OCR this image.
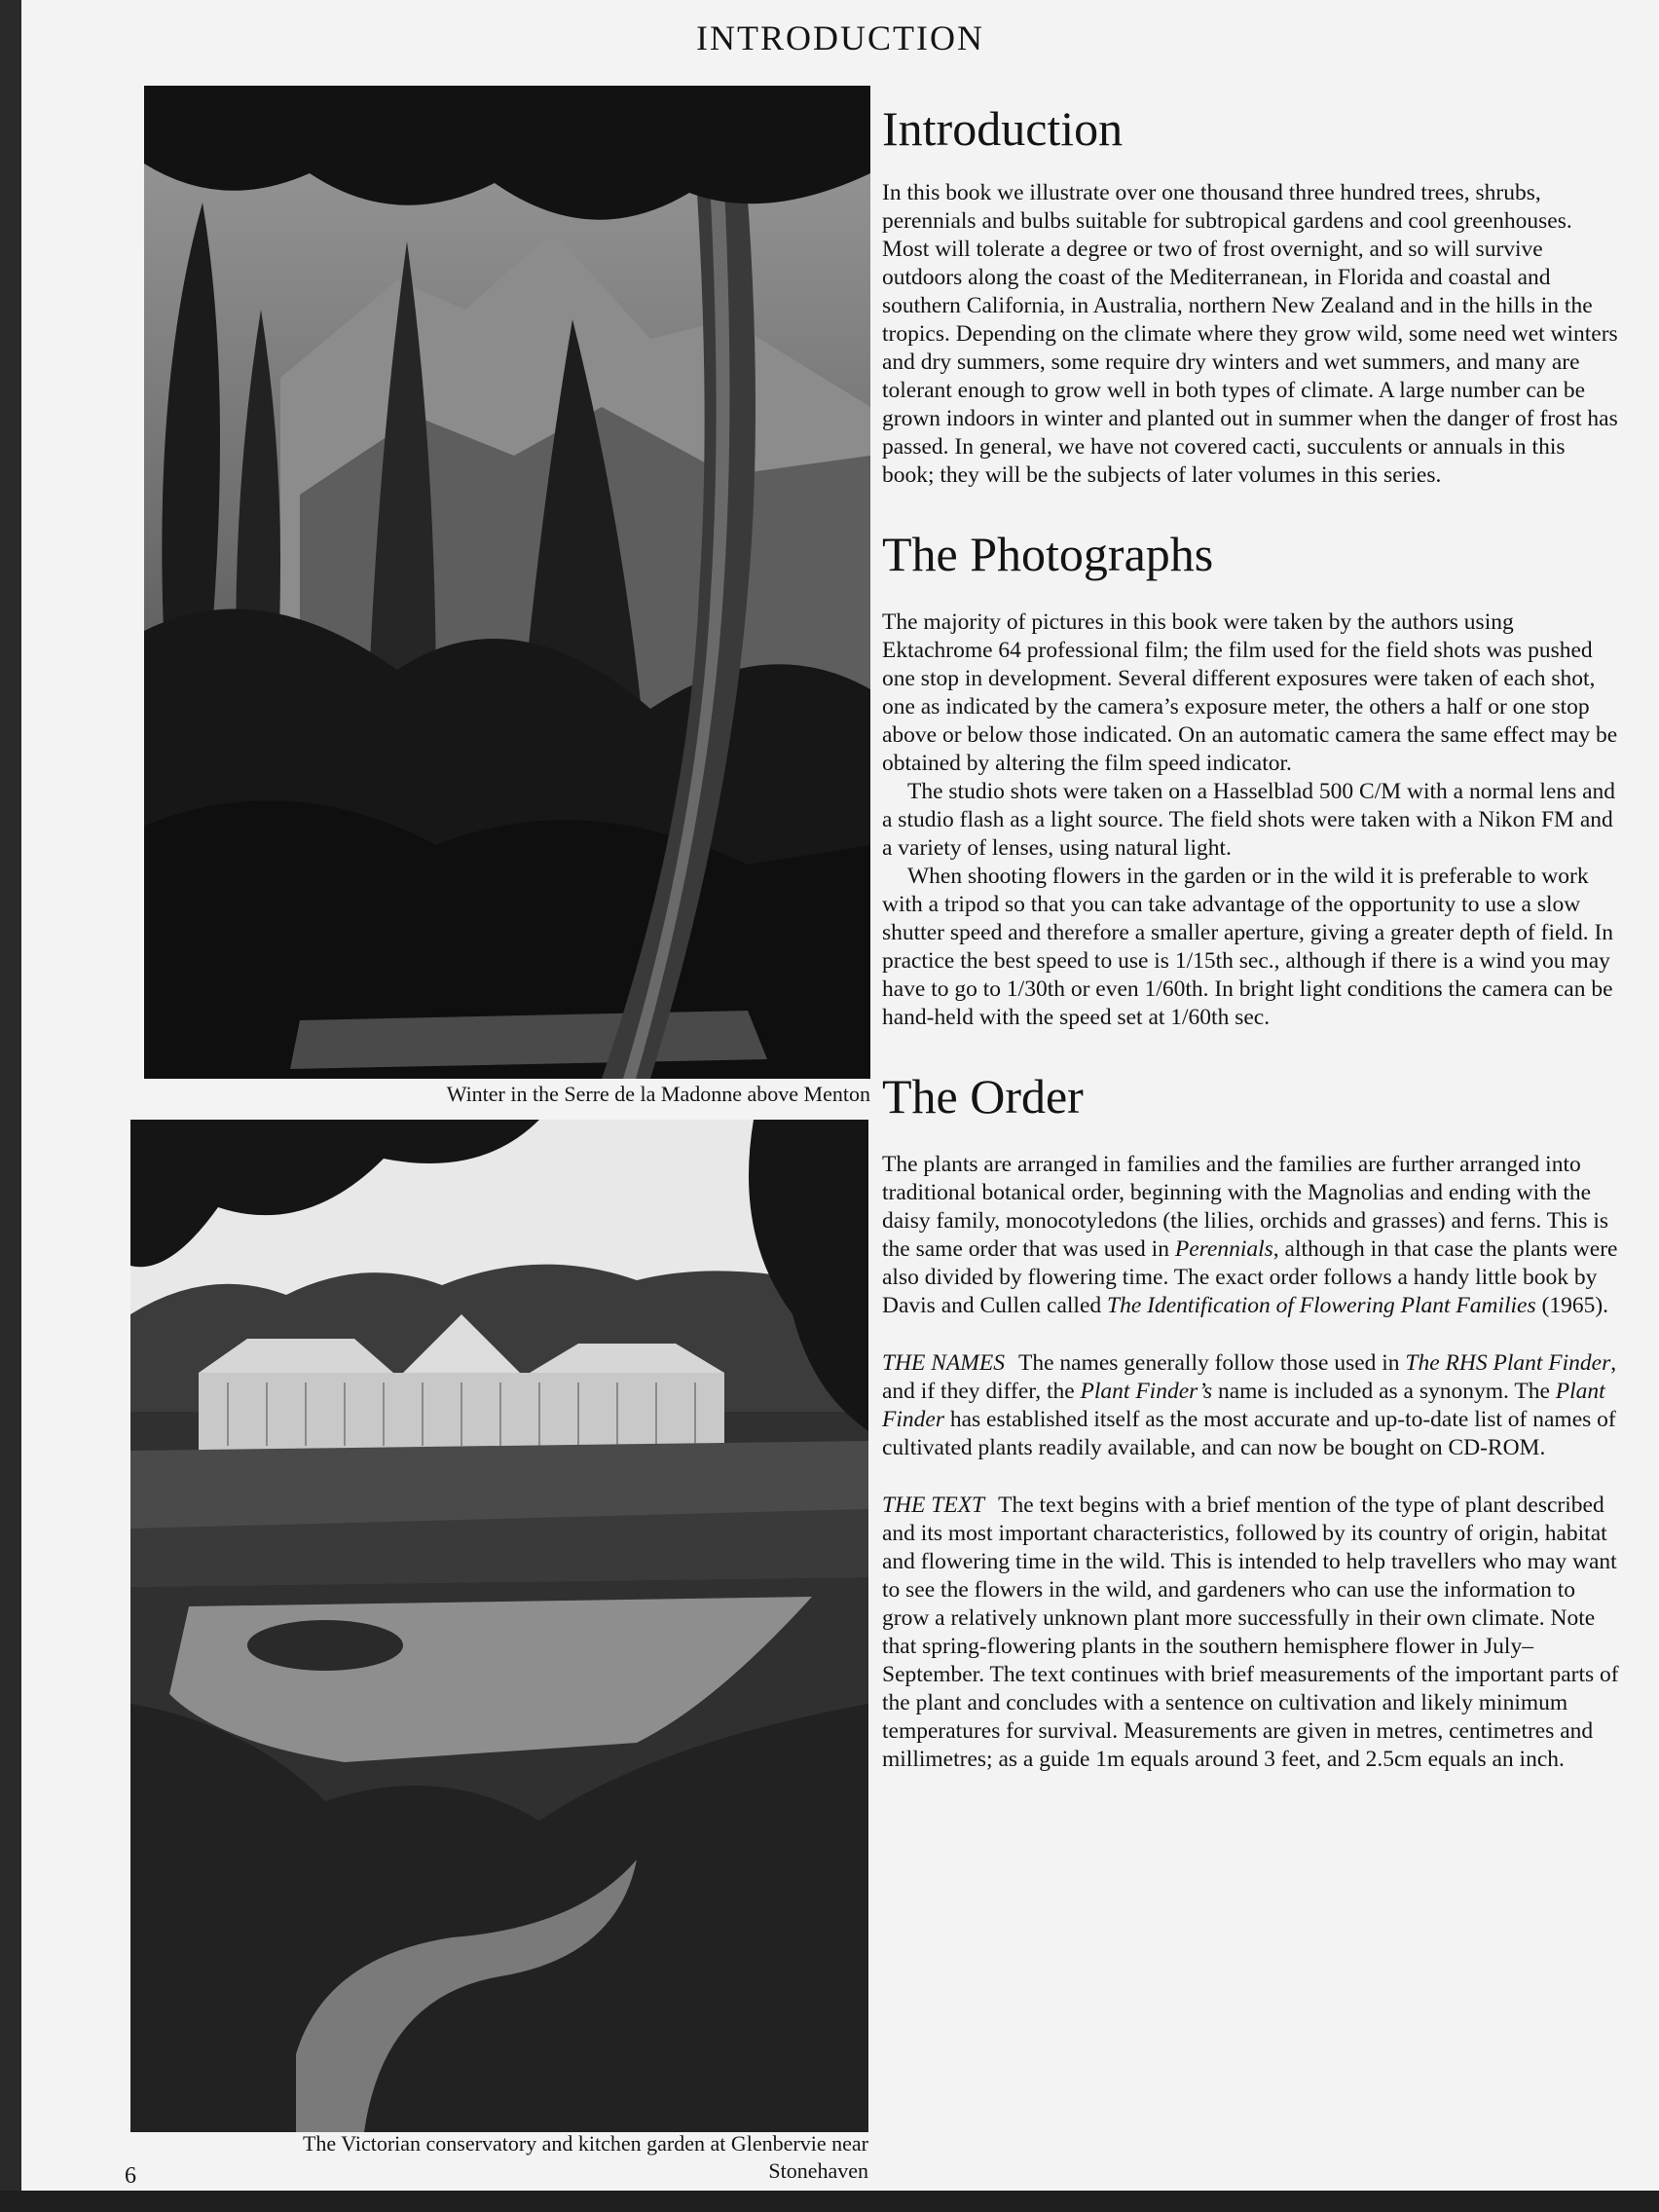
INTRODUCTION
Winter in the Serre de la Madonne above Menton
The Victorian conservatory and kitchen garden at Glenbervie near
Stonehaven
6
Introduction

In this book we illustrate over one thousand three hundred trees, shrubs, perennials and bulbs suitable for subtropical gardens and cool greenhouses. Most will tolerate a degree or two of frost overnight, and so will survive outdoors along the coast of the Mediterranean, in Florida and coastal and southern California, in Australia, northern New Zealand and in the hills in the tropics. Depending on the climate where they grow wild, some need wet winters and dry summers, some require dry winters and wet summers, and many are tolerant enough to grow well in both types of climate. A large number can be grown indoors in winter and planted out in summer when the danger of frost has passed. In general, we have not covered cacti, succulents or annuals in this book; they will be the subjects of later volumes in this series.

The Photographs

The majority of pictures in this book were taken by the authors using Ektachrome 64 professional film; the film used for the field shots was pushed one stop in development. Several different exposures were taken of each shot, one as indicated by the camera’s exposure meter, the others a half or one stop above or below those indicated. On an automatic camera the same effect may be obtained by altering the film speed indicator.

The studio shots were taken on a Hasselblad 500 C/M with a normal lens and a studio flash as a light source. The field shots were taken with a Nikon FM and a variety of lenses, using natural light.

When shooting flowers in the garden or in the wild it is preferable to work with a tripod so that you can take advantage of the opportunity to use a slow shutter speed and therefore a smaller aperture, giving a greater depth of field. In practice the best speed to use is 1/15th sec., although if there is a wind you may have to go to 1/30th or even 1/60th. In bright light conditions the camera can be hand-held with the speed set at 1/60th sec.

The Order

The plants are arranged in families and the families are further arranged into traditional botanical order, beginning with the Magnolias and ending with the daisy family, monocotyledons (the lilies, orchids and grasses) and ferns. This is the same order that was used in Perennials, although in that case the plants were also divided by flowering time. The exact order follows a handy little book by Davis and Cullen called The Identification of Flowering Plant Families (1965).

THE NAMES The names generally follow those used in The RHS Plant Finder, and if they differ, the Plant Finder’s name is included as a synonym. The Plant Finder has established itself as the most accurate and up-to-date list of names of cultivated plants readily available, and can now be bought on CD-ROM.

THE TEXT The text begins with a brief mention of the type of plant described and its most important characteristics, followed by its country of origin, habitat and flowering time in the wild. This is intended to help travellers who may want to see the flowers in the wild, and gardeners who can use the information to grow a relatively unknown plant more successfully in their own climate. Note that spring-flowering plants in the southern hemisphere flower in July–September. The text continues with brief measurements of the important parts of the plant and concludes with a sentence on cultivation and likely minimum temperatures for survival. Measurements are given in metres, centimetres and millimetres; as a guide 1m equals around 3 feet, and 2.5cm equals an inch.
